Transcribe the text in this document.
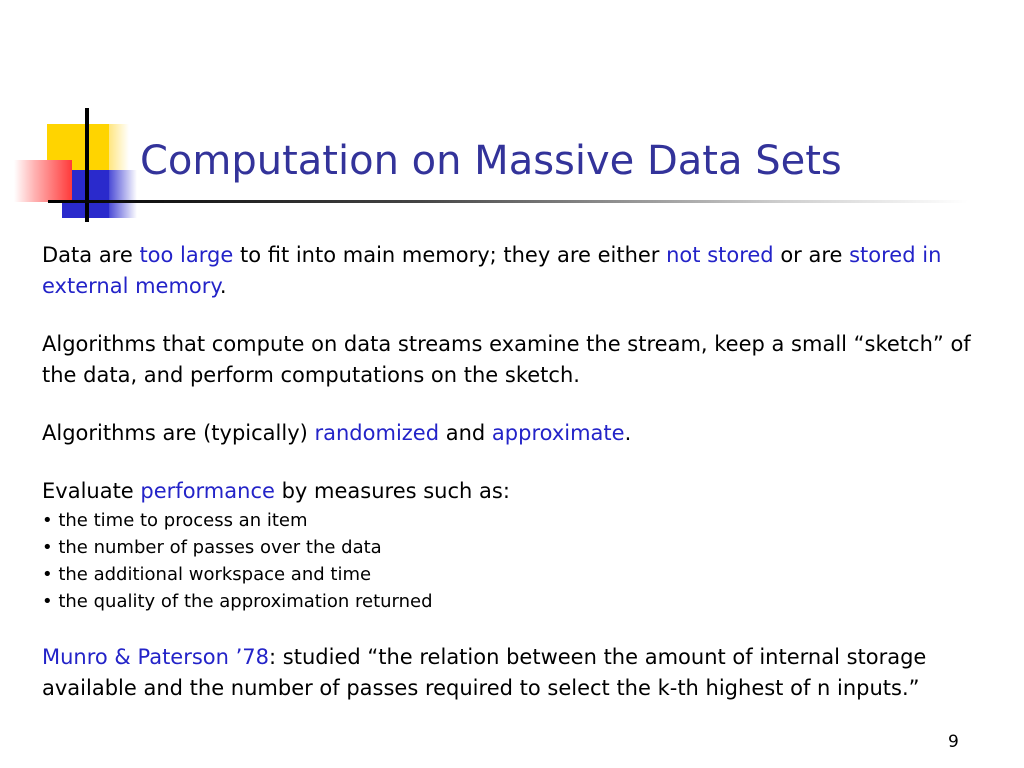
Computation on Massive Data Sets

Data are too large to fit into main memory; they are either not stored or are stored in external memory.

Algorithms that compute on data streams examine the stream, keep a small “sketch” of the data, and perform computations on the sketch.

Algorithms are (typically) randomized and approximate.

Evaluate performance by measures such as:

• the time to process an item
• the number of passes over the data
• the additional workspace and time
• the quality of the approximation returned

Munro & Paterson ’78: studied “the relation between the amount of internal storage available and the number of passes required to select the k-th highest of n inputs.”

9
